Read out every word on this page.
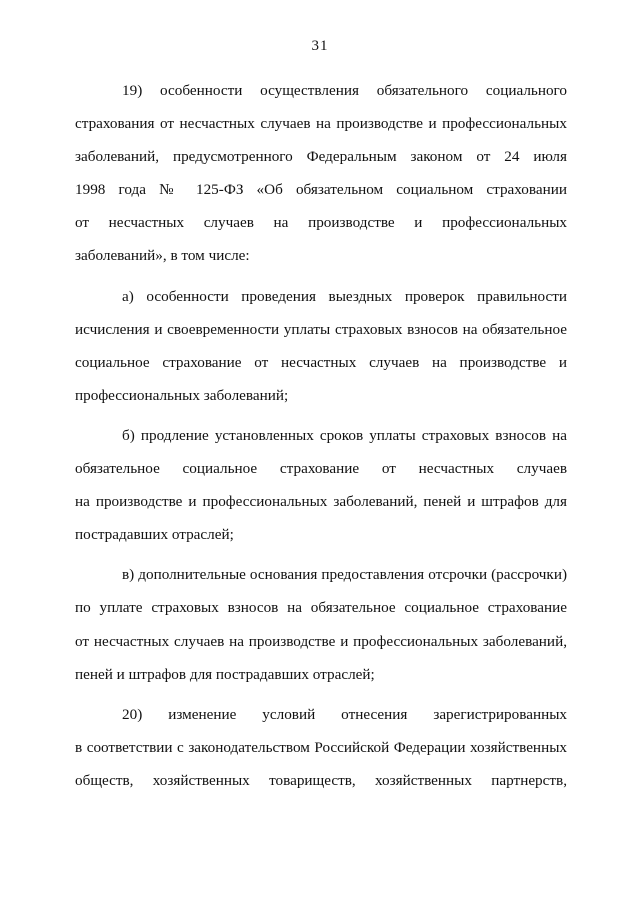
31
19) особенности осуществления обязательного социального
страхования от несчастных случаев на производстве и профессиональных
заболеваний, предусмотренного Федеральным законом от 24 июля
1998 года № 125-ФЗ «Об обязательном социальном страховании
от несчастных случаев на производстве и профессиональных
заболеваний», в том числе:
а) особенности проведения выездных проверок правильности
исчисления и своевременности уплаты страховых взносов на обязательное
социальное страхование от несчастных случаев на производстве и
профессиональных заболеваний;
б) продление установленных сроков уплаты страховых взносов на
обязательное социальное страхование от несчастных случаев
на производстве и профессиональных заболеваний, пеней и штрафов для
пострадавших отраслей;
в) дополнительные основания предоставления отсрочки (рассрочки)
по уплате страховых взносов на обязательное социальное страхование
от несчастных случаев на производстве и профессиональных заболеваний,
пеней и штрафов для пострадавших отраслей;
20) изменение условий отнесения зарегистрированных
в соответствии с законодательством Российской Федерации хозяйственных
обществ, хозяйственных товариществ, хозяйственных партнерств,
